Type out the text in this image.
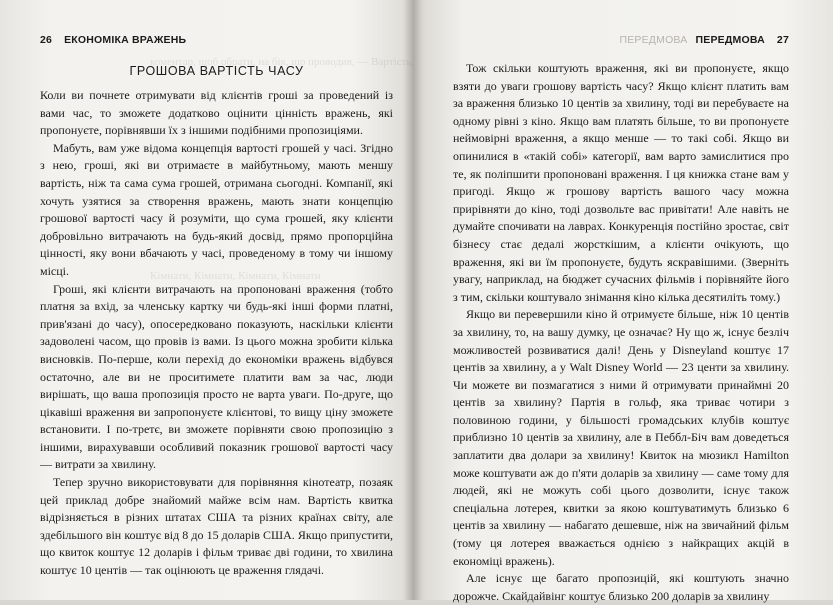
коментар, щоб обрати, на бік, що проводив, — Вартість, Вартістьк
Кімнати, Кімнати, Кімнати, Кімнати
26 ЕКОНОМІКА ВРАЖЕНЬ
ГРОШОВА ВАРТІСТЬ ЧАСУ

Коли ви почнете отримувати від клієнтів гроші за проведений із вами час, то зможете додатково оцінити цінність вражень, які пропонуєте, порівнявши їх з іншими подібними пропозиціями.

Мабуть, вам уже відома концепція вартості грошей у часі. Згідно з нею, гроші, які ви отримаєте в майбутньому, мають меншу вартість, ніж та сама сума грошей, отримана сьогодні. Компанії, які хочуть узятися за створення вражень, мають знати концепцію грошової вартості часу й розуміти, що сума грошей, яку клієнти добровільно витрачають на будь-який досвід, прямо пропорційна цінності, яку вони вбачають у часі, проведеному в тому чи іншому місці.

Гроші, які клієнти витрачають на пропоновані враження (тобто платня за вхід, за членську картку чи будь-які інші форми платні, прив'язані до часу), опосередковано показують, наскільки клієнти задоволені часом, що провів із вами. Із цього можна зробити кілька висновків. По-перше, коли перехід до економіки вражень відбувся остаточно, але ви не проситимете платити вам за час, люди вирішать, що ваша пропозиція просто не варта уваги. По-друге, що цікавіші враження ви запропонуєте клієнтові, то вищу ціну зможете встановити. І по-третє, ви зможете порівняти свою пропозицію з іншими, вирахувавши особливий показник грошової вартості часу — витрати за хвилину.

Тепер зручно використовувати для порівняння кінотеатр, позаяк цей приклад добре знайомий майже всім нам. Вартість квитка відрізняється в різних штатах США та різних країнах світу, але здебільшого він коштує від 8 до 15 доларів США. Якщо припустити, що квиток коштує 12 доларів і фільм триває дві години, то хвилина коштує 10 центів — так оцінюють це враження глядачі.

ПЕРЕДМОВА ПЕРЕДМОВА 27

Тож скільки коштують враження, які ви пропонуєте, якщо взяти до уваги грошову вартість часу? Якщо клієнт платить вам за враження близько 10 центів за хвилину, тоді ви перебуваєте на одному рівні з кіно. Якщо вам платять більше, то ви пропонуєте неймовірні враження, а якщо менше — то такі собі. Якщо ви опинилися в «такій собі» категорії, вам варто замислитися про те, як поліпшити пропоновані враження. І ця книжка стане вам у пригоді. Якщо ж грошову вартість вашого часу можна прирівняти до кіно, тоді дозвольте вас привітати! Але навіть не думайте спочивати на лаврах. Конкуренція постійно зростає, світ бізнесу стає дедалі жорсткішим, а клієнти очікують, що враження, які ви їм пропонуєте, будуть яскравішими. (Зверніть увагу, наприклад, на бюджет сучасних фільмів і порівняйте його з тим, скільки коштувало знімання кіно кілька десятиліть тому.)

Якщо ви перевершили кіно й отримуєте більше, ніж 10 центів за хвилину, то, на вашу думку, це означає? Ну що ж, існує безліч можливостей розвиватися далі! День у Disneyland коштує 17 центів за хвилину, а у Walt Disney World — 23 центи за хвилину. Чи можете ви позмагатися з ними й отримувати принаймні 20 центів за хвилину? Партія в гольф, яка триває чотири з половиною години, у більшості громадських клубів коштує приблизно 10 центів за хвилину, але в Пеббл-Біч вам доведеться заплатити два долари за хвилину! Квиток на мюзикл Hamilton може коштувати аж до п'яти доларів за хвилину — саме тому для людей, які не можуть собі цього дозволити, існує також спеціальна лотерея, квитки за якою коштуватимуть близько 6 центів за хвилину — набагато дешевше, ніж на звичайний фільм (тому ця лотерея вважається однією з найкращих акцій в економіці вражень).

Але існує ще багато пропозицій, які коштують значно дорожче. Скайдайвінг коштує близько 200 доларів за хвилину
